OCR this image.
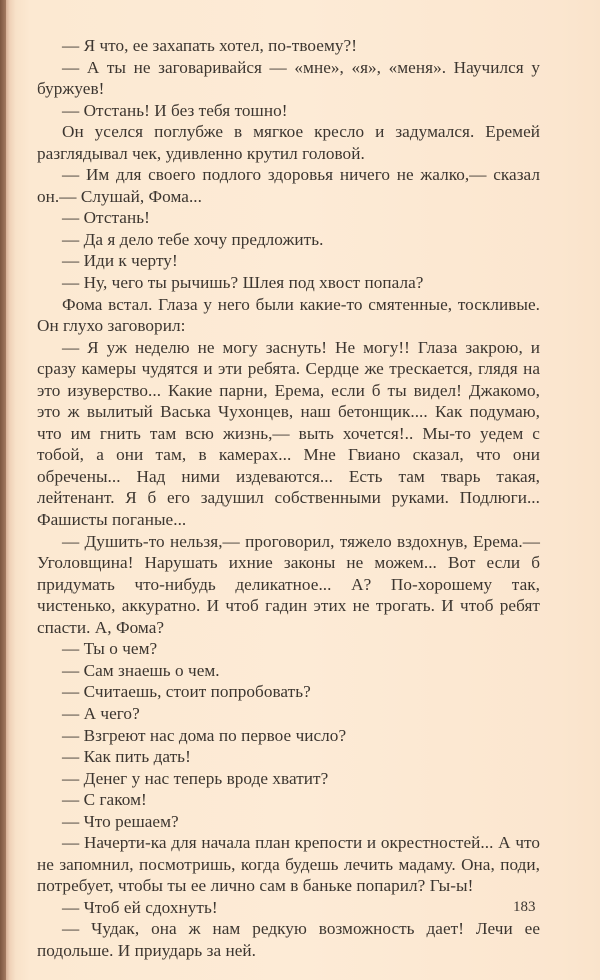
— Я что, ее захапать хотел, по-твоему?!

— А ты не заговаривайся — «мне», «я», «меня». Научился у буржуев!

— Отстань! И без тебя тошно!

Он уселся поглубже в мягкое кресло и задумался. Еремей разглядывал чек, удивленно крутил головой.

— Им для своего подлого здоровья ничего не жалко,— сказал он.— Слушай, Фома...

— Отстань!

— Да я дело тебе хочу предложить.

— Иди к черту!

— Ну, чего ты рычишь? Шлея под хвост попала?

Фома встал. Глаза у него были какие-то смятенные, тоскливые. Он глухо заговорил:

— Я уж неделю не могу заснуть! Не могу!! Глаза закрою, и сразу камеры чудятся и эти ребята. Сердце же трескается, глядя на это изуверство... Какие парни, Ерема, если б ты видел! Джакомо, это ж вылитый Васька Чухонцев, наш бетонщик.... Как подумаю, что им гнить там всю жизнь,— выть хочется!.. Мы-то уедем с тобой, а они там, в камерах... Мне Гвиано сказал, что они обречены... Над ними издеваются... Есть там тварь такая, лейтенант. Я б его задушил собственными руками. Подлюги... Фашисты поганые...

— Душить-то нельзя,— проговорил, тяжело вздохнув, Ерема.— Уголовщина! Нарушать ихние законы не можем... Вот если б придумать что-нибудь деликатное... А? По-хорошему так, чистенько, аккуратно. И чтоб гадин этих не трогать. И чтоб ребят спасти. А, Фома?

— Ты о чем?

— Сам знаешь о чем.

— Считаешь, стоит попробовать?

— А чего?

— Взгреют нас дома по первое число?

— Как пить дать!

— Денег у нас теперь вроде хватит?

— С гаком!

— Что решаем?

— Начерти-ка для начала план крепости и окрестностей... А что не запомнил, посмотришь, когда будешь лечить мадаму. Она, поди, потребует, чтобы ты ее лично сам в баньке попарил? Гы-ы!

— Чтоб ей сдохнуть!

— Чудак, она ж нам редкую возможность дает! Лечи ее подольше. И приударь за ней.

183
